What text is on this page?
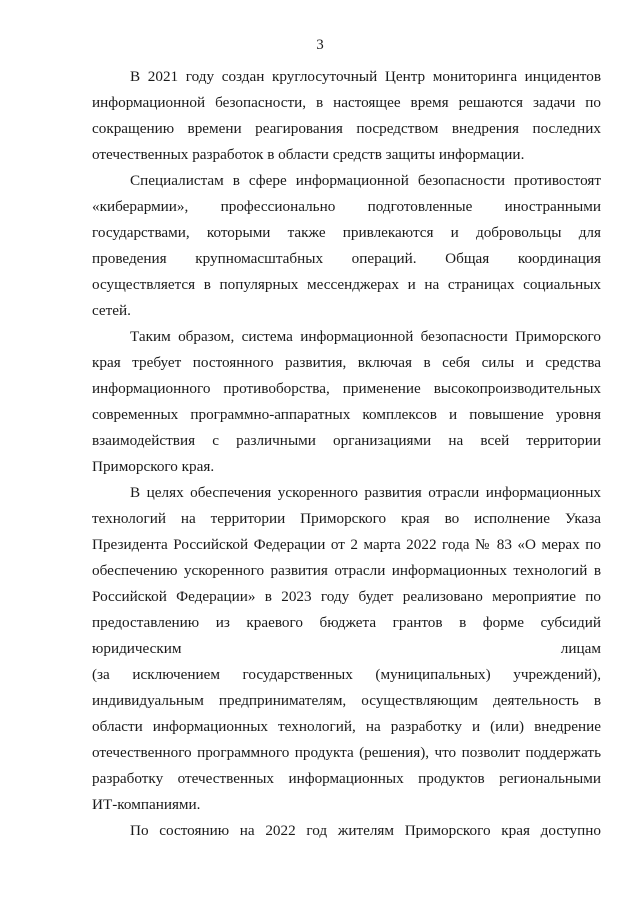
3
В 2021 году создан круглосуточный Центр мониторинга инцидентов
информационной безопасности, в настоящее время решаются задачи по
сокращению времени реагирования посредством внедрения последних
отечественных разработок в области средств защиты информации.
Специалистам в сфере информационной безопасности противостоят
«киберармии», профессионально подготовленные иностранными
государствами, которыми также привлекаются и добровольцы для
проведения крупномасштабных операций. Общая координация
осуществляется в популярных мессенджерах и на страницах социальных
сетей.
Таким образом, система информационной безопасности Приморского
края требует постоянного развития, включая в себя силы и средства
информационного противоборства, применение высокопроизводительных
современных программно-аппаратных комплексов и повышение уровня
взаимодействия с различными организациями на всей территории
Приморского края.
В целях обеспечения ускоренного развития отрасли информационных
технологий на территории Приморского края во исполнение Указа
Президента Российской Федерации от 2 марта 2022 года № 83 «О мерах по
обеспечению ускоренного развития отрасли информационных технологий в
Российской Федерации» в 2023 году будет реализовано мероприятие по
предоставлению из краевого бюджета грантов в форме субсидий
юридическим лицам
(за исключением государственных (муниципальных) учреждений),
индивидуальным предпринимателям, осуществляющим деятельность в
области информационных технологий, на разработку и (или) внедрение
отечественного программного продукта (решения), что позволит поддержать
разработку отечественных информационных продуктов региональными
ИТ-компаниями.
По состоянию на 2022 год жителям Приморского края доступно
